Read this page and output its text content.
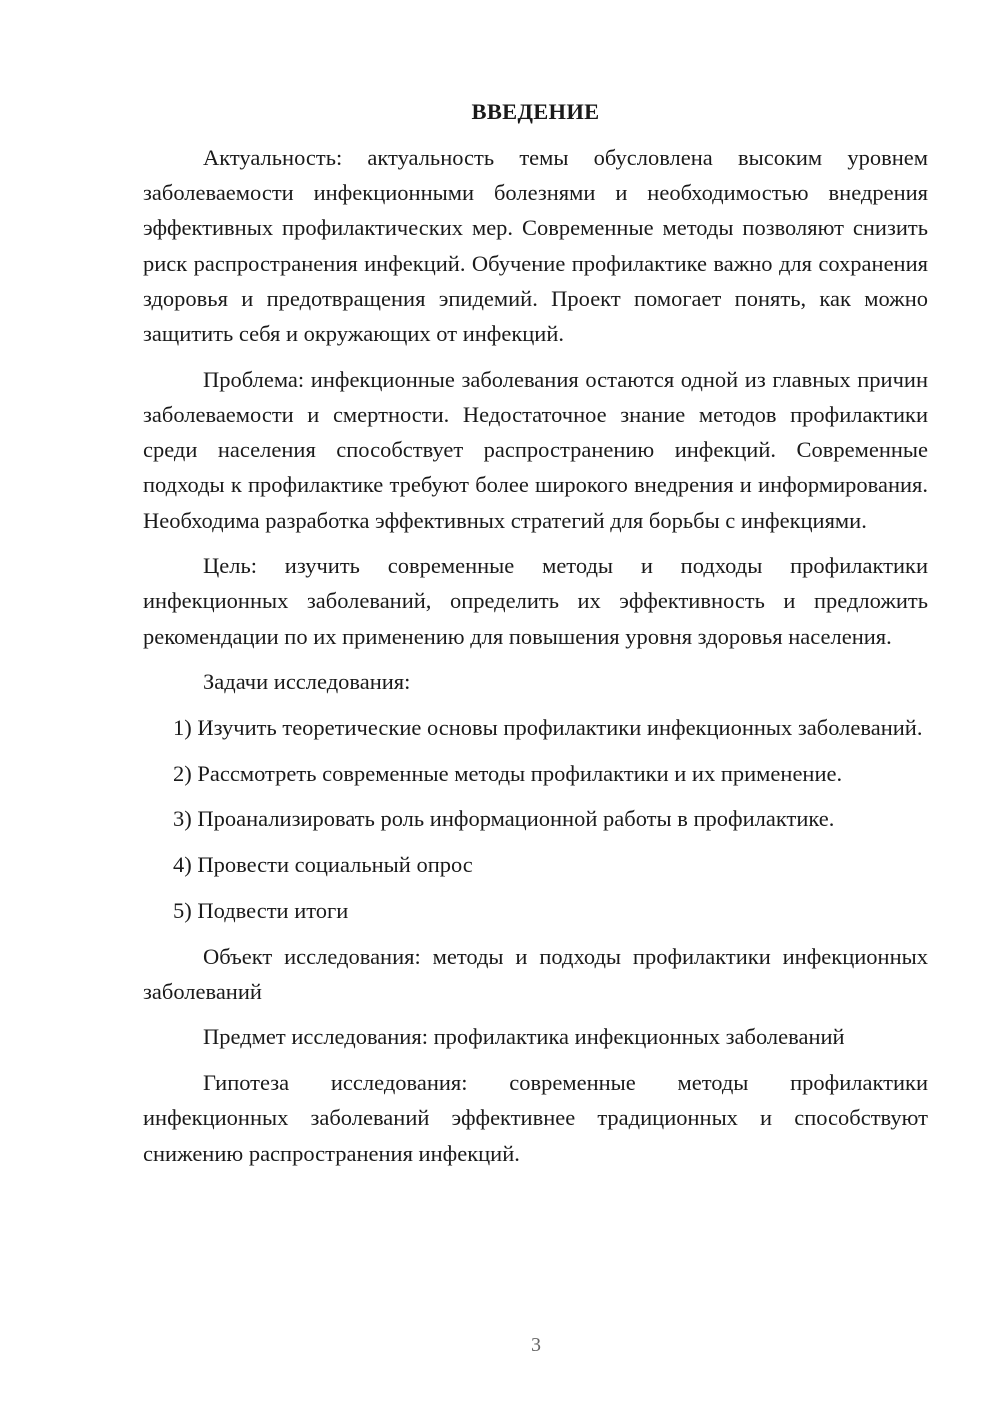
ВВЕДЕНИЕ

Актуальность: актуальность темы обусловлена высоким уровнем заболеваемости инфекционными болезнями и необходимостью внедрения эффективных профилактических мер. Современные методы позволяют снизить риск распространения инфекций. Обучение профилактике важно для сохранения здоровья и предотвращения эпидемий. Проект помогает понять, как можно защитить себя и окружающих от инфекций.

Проблема: инфекционные заболевания остаются одной из главных причин заболеваемости и смертности. Недостаточное знание методов профилактики среди населения способствует распространению инфекций. Современные подходы к профилактике требуют более широкого внедрения и информирования. Необходима разработка эффективных стратегий для борьбы с инфекциями.

Цель: изучить современные методы и подходы профилактики инфекционных заболеваний, определить их эффективность и предложить рекомендации по их применению для повышения уровня здоровья населения.

Задачи исследования:

1) Изучить теоретические основы профилактики инфекционных заболеваний.

2) Рассмотреть современные методы профилактики и их применение.

3) Проанализировать роль информационной работы в профилактике.

4) Провести социальный опрос

5) Подвести итоги

Объект исследования: методы и подходы профилактики инфекционных заболеваний

Предмет исследования: профилактика инфекционных заболеваний

Гипотеза исследования: современные методы профилактики инфекционных заболеваний эффективнее традиционных и способствуют снижению распространения инфекций.

3
